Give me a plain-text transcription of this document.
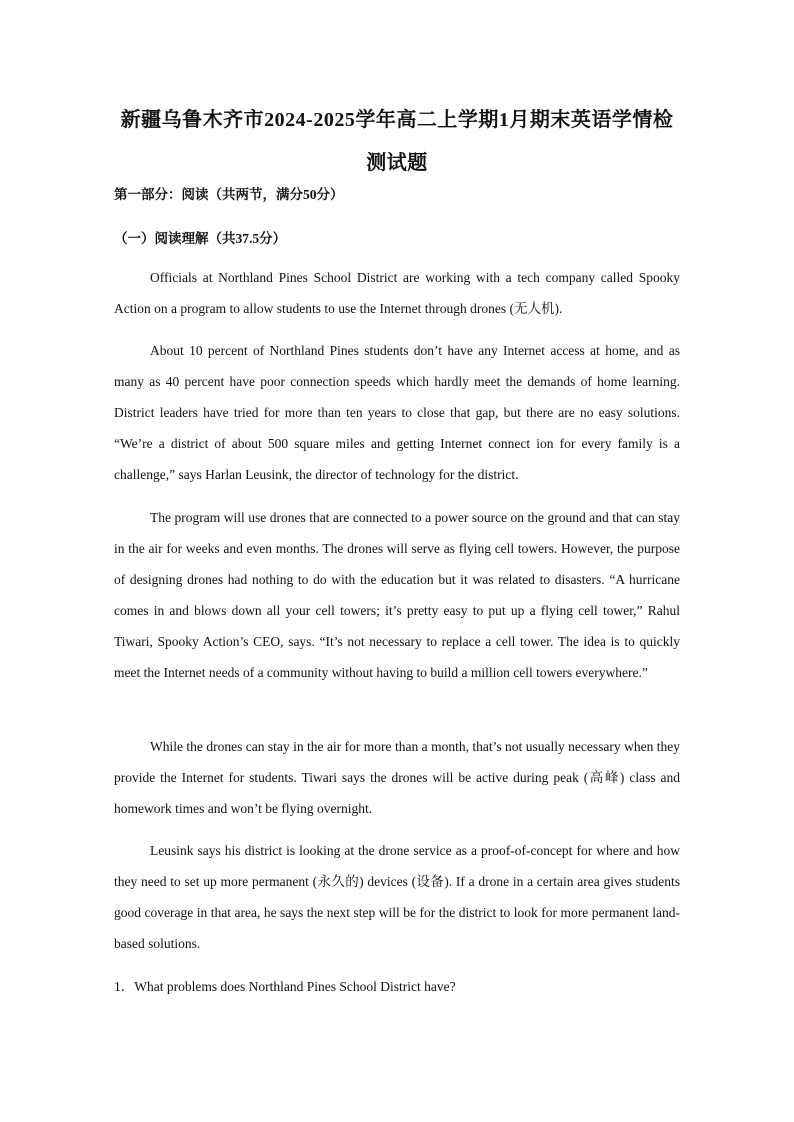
新疆乌鲁木齐市2024-2025学年高二上学期1月期末英语学情检
测试题
第一部分：阅读（共两节，满分50分）
（一）阅读理解（共37.5分）

Officials at Northland Pines School District are working with a tech company called Spooky Action on a program to allow students to use the Internet through drones (无人机).

About 10 percent of Northland Pines students don’t have any Internet access at home, and as many as 40 percent have poor connection speeds which hardly meet the demands of home learning. District leaders have tried for more than ten years to close that gap, but there are no easy solutions. “We’re a district of about 500 square miles and getting Internet connect ion for every family is a challenge,” says Harlan Leusink, the director of technology for the district.

The program will use drones that are connected to a power source on the ground and that can stay in the air for weeks and even months. The drones will serve as flying cell towers. However, the purpose of designing drones had nothing to do with the education but it was related to disasters. “A hurricane comes in and blows down all your cell towers; it’s pretty easy to put up a flying cell tower,” Rahul Tiwari, Spooky Action’s CEO, says. “It’s not necessary to replace a cell tower. The idea is to quickly meet the Internet needs of a community without having to build a million cell towers everywhere.”

While the drones can stay in the air for more than a month, that’s not usually necessary when they provide the Internet for students. Tiwari says the drones will be active during peak (高峰) class and homework times and won’t be flying overnight.

Leusink says his district is looking at the drone service as a proof-of-concept for where and how they need to set up more permanent (永久的) devices (设备). If a drone in a certain area gives students good coverage in that area, he says the next step will be for the district to look for more permanent land-based solutions.

1．What problems does Northland Pines School District have?
